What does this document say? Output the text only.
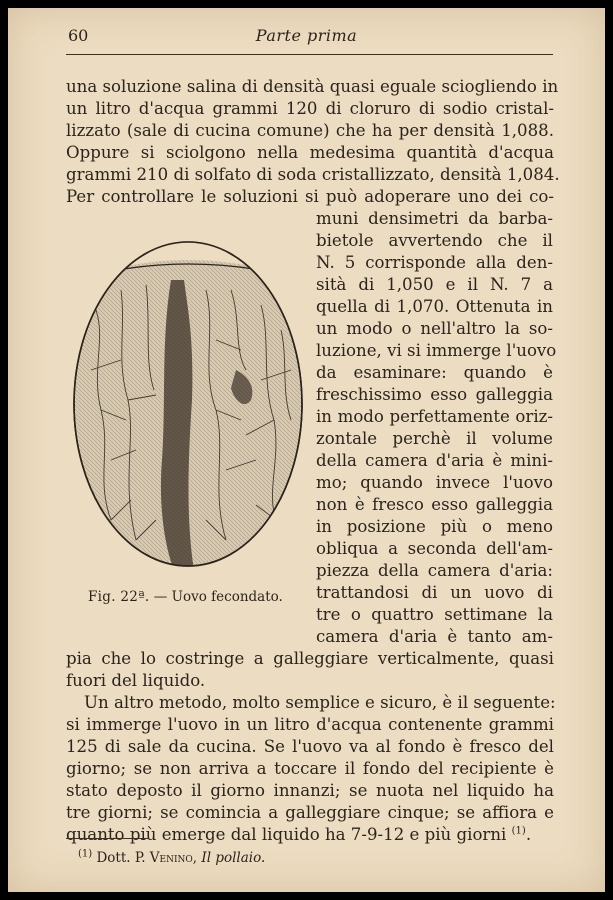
60	Parte prima
una soluzione salina di densità quasi eguale sciogliendo in
un litro d'acqua grammi 120 di cloruro di sodio cristal-
lizzato (sale di cucina comune) che ha per densità 1,088.
Oppure si sciolgono nella medesima quantità d'acqua
grammi 210 di solfato di soda cristallizzato, densità 1,084.
Per controllare le soluzioni si può adoperare uno dei co-
muni densimetri da barba-
bietole avvertendo che il
N. 5 corrisponde alla den-
sità di 1,050 e il N. 7 a
quella di 1,070. Ottenuta in
un modo o nell'altro la so-
luzione, vi si immerge l'uovo
da esaminare: quando è
freschissimo esso galleggia
in modo perfettamente oriz-
zontale perchè il volume
della camera d'aria è mini-
mo; quando invece l'uovo
non è fresco esso galleggia
in posizione più o meno
obliqua a seconda dell'am-
piezza della camera d'aria:
trattandosi di un uovo di
tre o quattro settimane la
camera d'aria è tanto am-
Fig. 22ª. — Uovo fecondato.
pia che lo costringe a galleggiare verticalmente, quasi
fuori del liquido.
Un altro metodo, molto semplice e sicuro, è il seguente:
si immerge l'uovo in un litro d'acqua contenente grammi
125 di sale da cucina. Se l'uovo va al fondo è fresco del
giorno; se non arriva a toccare il fondo del recipiente è
stato deposto il giorno innanzi; se nuota nel liquido ha
tre giorni; se comincia a galleggiare cinque; se affiora e
quanto più emerge dal liquido ha 7-9-12 e più giorni $^{(1)}$.
$^{(1)}$ Dott. P. Venino, Il pollaio.
